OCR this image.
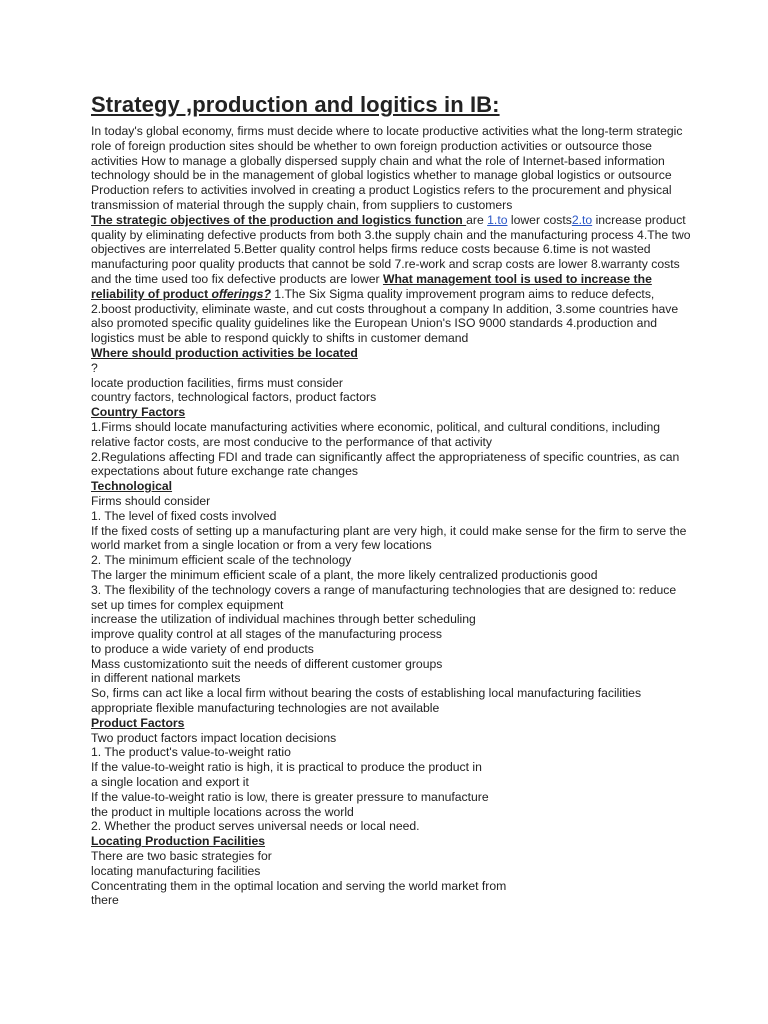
Strategy ,production and logitics in IB:

In today's global economy, firms must decide where to locate productive activities what the long-term strategic role of foreign production sites should be whether to own foreign production activities or outsource those activities How to manage a globally dispersed supply chain and what the role of Internet-based information technology should be in the management of global logistics whether to manage global logistics or outsource Production refers to activities involved in creating a product Logistics refers to the procurement and physical transmission of material through the supply chain, from suppliers to customers

The strategic objectives of the production and logistics function are 1.to lower costs2.to increase product quality by eliminating defective products from both 3.the supply chain and the manufacturing process 4.The two objectives are interrelated 5.Better quality control helps firms reduce costs because 6.time is not wasted manufacturing poor quality products that cannot be sold 7.re-work and scrap costs are lower 8.warranty costs and the time used too fix defective products are lower What management tool is used to increase the reliability of product offerings? 1.The Six Sigma quality improvement program aims to reduce defects, 2.boost productivity, eliminate waste, and cut costs throughout a company In addition, 3.some countries have also promoted specific quality guidelines like the European Union's ISO 9000 standards 4.production and logistics must be able to respond quickly to shifts in customer demand

Where should production activities be located

?

locate production facilities, firms must consider

country factors, technological factors, product factors

Country Factors

1.Firms should locate manufacturing activities where economic, political, and cultural conditions, including relative factor costs, are most conducive to the performance of that activity

2.Regulations affecting FDI and trade can significantly affect the appropriateness of specific countries, as can expectations about future exchange rate changes

Technological

Firms should consider

1. The level of fixed costs involved

If the fixed costs of setting up a manufacturing plant are very high, it could make sense for the firm to serve the world market from a single location or from a very few locations

2. The minimum efficient scale of the technology

The larger the minimum efficient scale of a plant, the more likely centralized productionis good

3. The flexibility of the technology covers a range of manufacturing technologies that are designed to: reduce set up times for complex equipment

increase the utilization of individual machines through better scheduling

improve quality control at all stages of the manufacturing process

to produce a wide variety of end products

Mass customizationto suit the needs of different customer groups

in different national markets

So, firms can act like a local firm without bearing the costs of establishing local manufacturing facilities appropriate flexible manufacturing technologies are not available

Product Factors

Two product factors impact location decisions

1. The product's value-to-weight ratio

If the value-to-weight ratio is high, it is practical to produce the product in

a single location and export it

If the value-to-weight ratio is low, there is greater pressure to manufacture

the product in multiple locations across the world

2. Whether the product serves universal needs or local need.

Locating Production Facilities

There are two basic strategies for

locating manufacturing facilities

Concentrating them in the optimal location and serving the world market from

there
